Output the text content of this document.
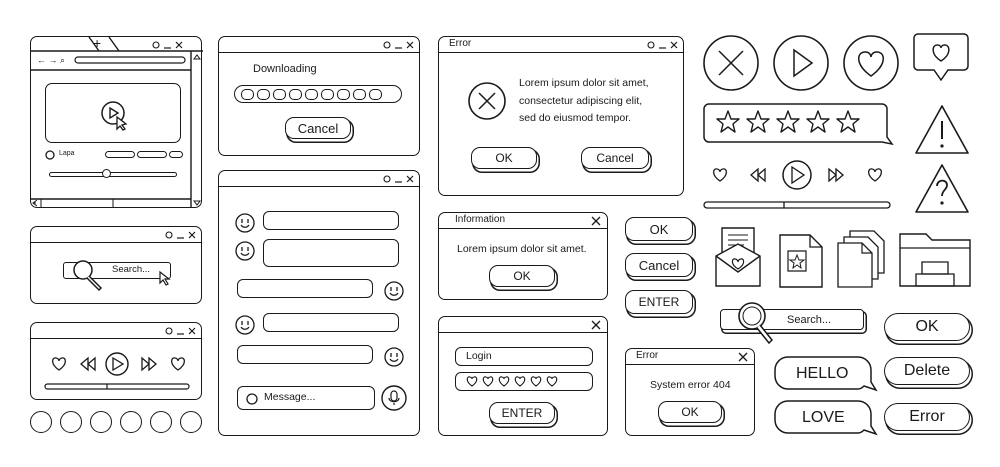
+
← → ⌕
Lapa
Downloading
Cancel
Error
Lorem ipsum dolor sit amet,
consectetur adipiscing elit,
sed do eiusmod tempor.
OK	Cancel
Search...
Message...
Information
Lorem ipsum dolor sit amet.
OK
Login
ENTER
OK
Cancel
ENTER
Error
System error 404
OK
Search...
HELLO
LOVE
OK
Delete
Error
